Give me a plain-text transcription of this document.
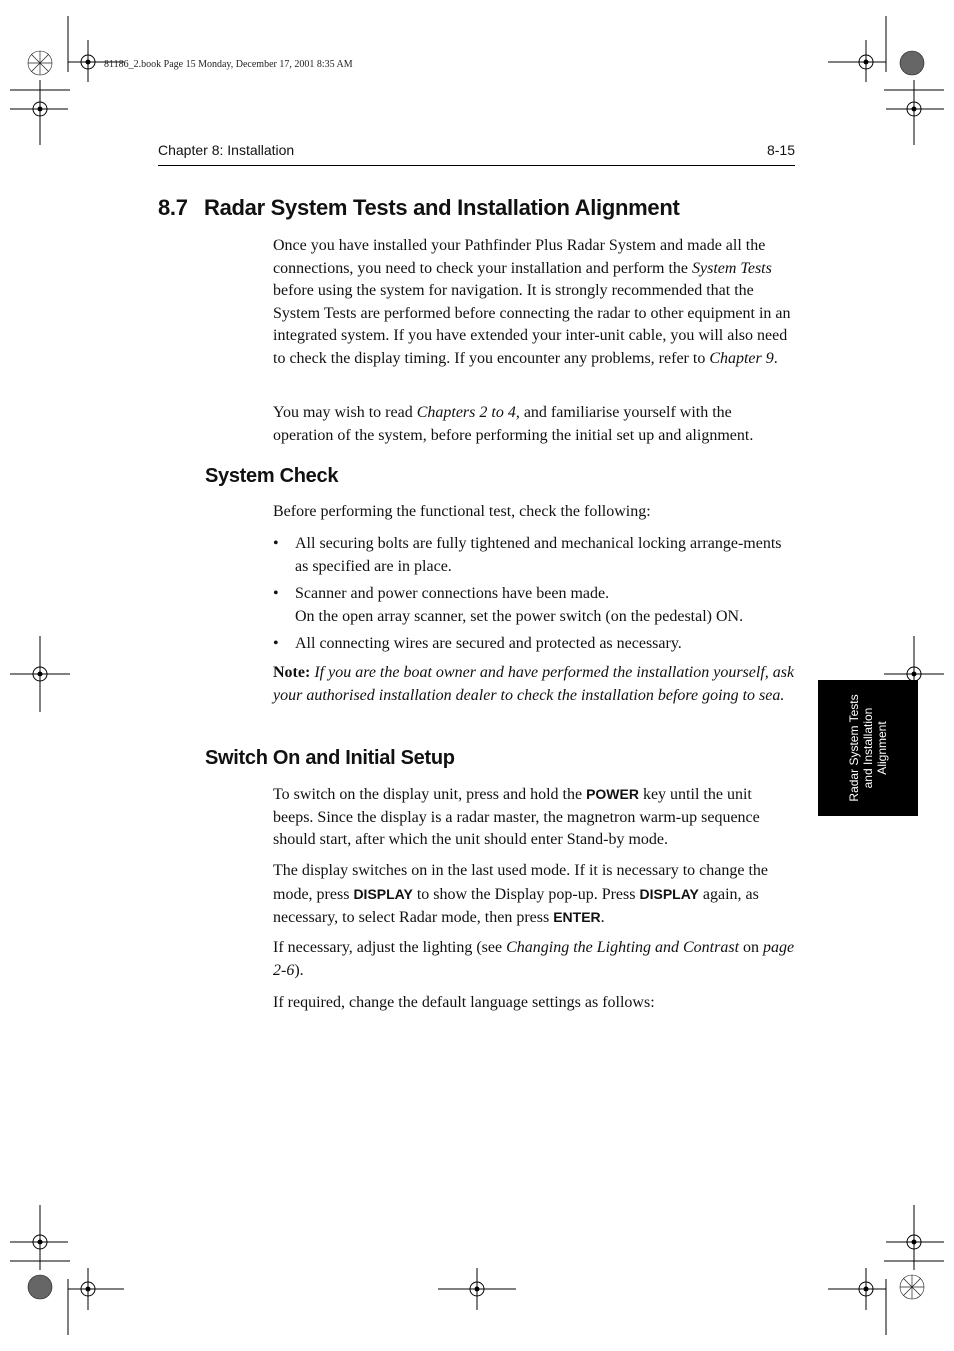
81186_2.book Page 15 Monday, December 17, 2001 8:35 AM
Chapter 8: Installation	8-15
8.7 Radar System Tests and Installation Alignment

Once you have installed your Pathfinder Plus Radar System and made all the connections, you need to check your installation and perform the System Tests before using the system for navigation. It is strongly recommended that the System Tests are performed before connecting the radar to other equipment in an integrated system. If you have extended your inter-unit cable, you will also need to check the display timing. If you encounter any problems, refer to Chapter 9.

You may wish to read Chapters 2 to 4, and familiarise yourself with the operation of the system, before performing the initial set up and alignment.

System Check

Before performing the functional test, check the following:

• All securing bolts are fully tightened and mechanical locking arrange-ments as specified are in place.
• Scanner and power connections have been made.
On the open array scanner, set the power switch (on the pedestal) ON.
• All connecting wires are secured and protected as necessary.

Note: If you are the boat owner and have performed the installation yourself, ask your authorised installation dealer to check the installation before going to sea.

Switch On and Initial Setup

To switch on the display unit, press and hold the POWER key until the unit beeps. Since the display is a radar master, the magnetron warm-up sequence should start, after which the unit should enter Stand-by mode.

The display switches on in the last used mode. If it is necessary to change the mode, press DISPLAY to show the Display pop-up. Press DISPLAY again, as necessary, to select Radar mode, then press ENTER.

If necessary, adjust the lighting (see Changing the Lighting and Contrast on page 2-6).

If required, change the default language settings as follows:

Radar System Tests and Installation Alignment
